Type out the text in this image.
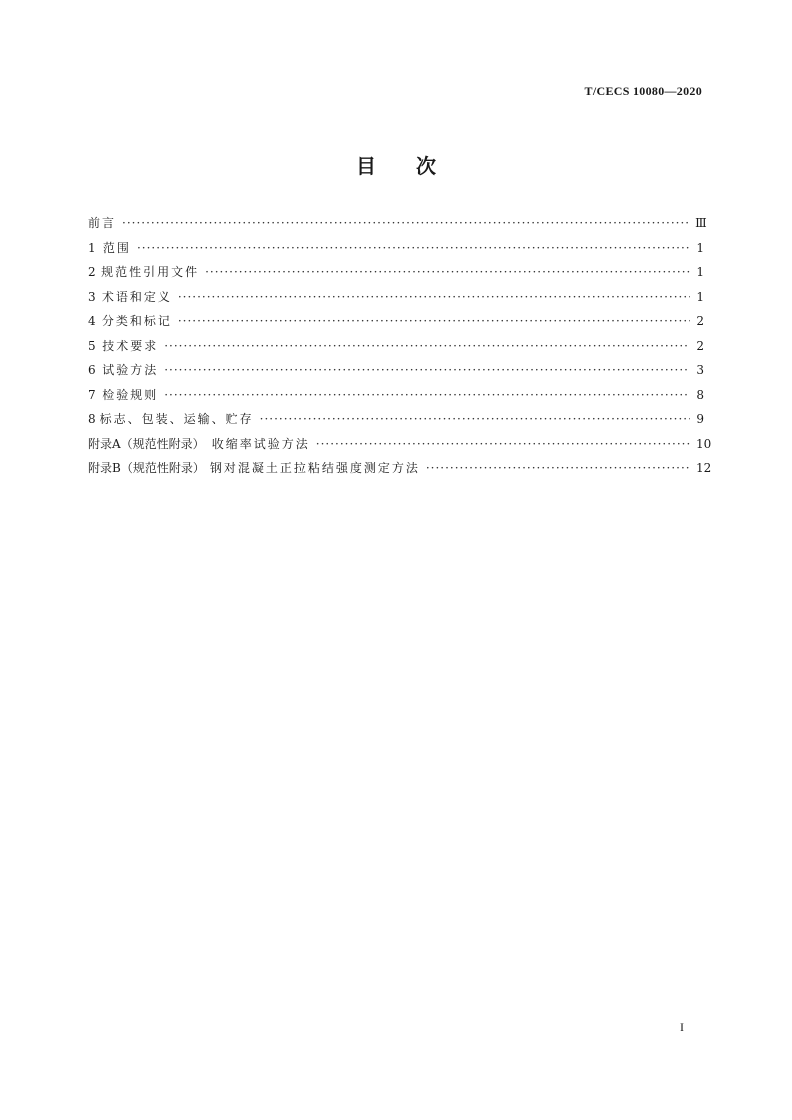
T/CECS 10080—2020
目次
前言 ·····	Ⅲ
1 范围 ·····	1
2 规范性引用文件 ·····	1
3 术语和定义 ·····	1
4 分类和标记 ·····	2
5 技术要求 ·····	2
6 试验方法 ·····	3
7 检验规则 ·····	8
8 标志、包装、运输、贮存 ·····	9
附录A（规范性附录） 收缩率试验方法 ·····	10
附录B（规范性附录） 钢对混凝土正拉粘结强度测定方法 ·····	12
I
